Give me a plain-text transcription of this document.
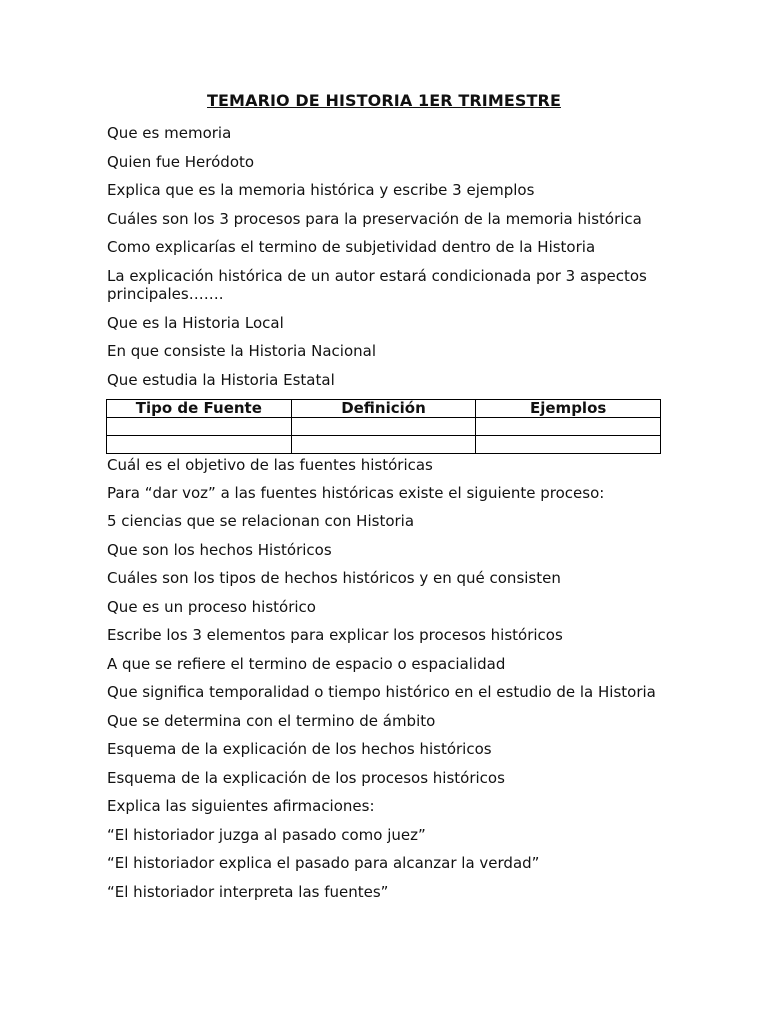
TEMARIO DE HISTORIA 1ER TRIMESTRE
Que es memoria
Quien fue Heródoto
Explica que es la memoria histórica y escribe 3 ejemplos
Cuáles son los 3 procesos para la preservación de la memoria histórica
Como explicarías el termino de subjetividad dentro de la Historia
La explicación histórica de un autor estará condicionada por 3 aspectos principales…….
Que es la Historia Local
En que consiste la Historia Nacional
Que estudia la Historia Estatal
Tipo de Fuente	Definición	Ejemplos

Cuál es el objetivo de las fuentes históricas
Para “dar voz” a las fuentes históricas existe el siguiente proceso:
5 ciencias que se relacionan con Historia
Que son los hechos Históricos
Cuáles son los tipos de hechos históricos y en qué consisten
Que es un proceso histórico
Escribe los 3 elementos para explicar los procesos históricos
A que se refiere el termino de espacio o espacialidad
Que significa temporalidad o tiempo histórico en el estudio de la Historia
Que se determina con el termino de ámbito
Esquema de la explicación de los hechos históricos
Esquema de la explicación de los procesos históricos
Explica las siguientes afirmaciones:
“El historiador juzga al pasado como juez”
“El historiador explica el pasado para alcanzar la verdad”
“El historiador interpreta las fuentes”
